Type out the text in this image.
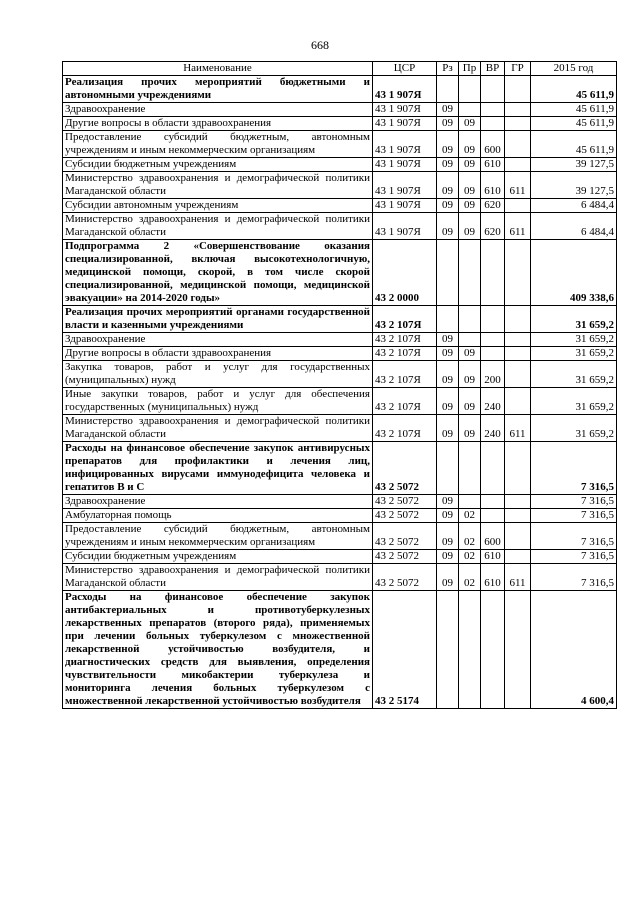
668
Наименование	ЦСР	Рз	Пр	ВР	ГР	2015 год
Реализация прочих мероприятий бюджетными и автономными учреждениями	43 1 907Я					45 611,9
Здравоохранение	43 1 907Я	09				45 611,9
Другие вопросы в области здравоохранения	43 1 907Я	09	09			45 611,9
Предоставление субсидий бюджетным, автономным учреждениям и иным некоммерческим организациям	43 1 907Я	09	09	600		45 611,9
Субсидии бюджетным учреждениям	43 1 907Я	09	09	610		39 127,5
Министерство здравоохранения и демографической политики Магаданской области	43 1 907Я	09	09	610	611	39 127,5
Субсидии автономным учреждениям	43 1 907Я	09	09	620		6 484,4
Министерство здравоохранения и демографической политики Магаданской области	43 1 907Я	09	09	620	611	6 484,4
Подпрограмма 2 «Совершенствование оказания специализированной, включая высокотехнологичную, медицинской помощи, скорой, в том числе скорой специализированной, медицинской помощи, медицинской эвакуации» на 2014-2020 годы»	43 2 0000					409 338,6
Реализация прочих мероприятий органами государственной власти и казенными учреждениями	43 2 107Я					31 659,2
Здравоохранение	43 2 107Я	09				31 659,2
Другие вопросы в области здравоохранения	43 2 107Я	09	09			31 659,2
Закупка товаров, работ и услуг для государственных (муниципальных) нужд	43 2 107Я	09	09	200		31 659,2
Иные закупки товаров, работ и услуг для обеспечения государственных (муниципальных) нужд	43 2 107Я	09	09	240		31 659,2
Министерство здравоохранения и демографической политики Магаданской области	43 2 107Я	09	09	240	611	31 659,2
Расходы на финансовое обеспечение закупок антивирусных препаратов для профилактики и лечения лиц, инфицированных вирусами иммунодефицита человека и гепатитов В и С	43 2 5072					7 316,5
Здравоохранение	43 2 5072	09				7 316,5
Амбулаторная помощь	43 2 5072	09	02			7 316,5
Предоставление субсидий бюджетным, автономным учреждениям и иным некоммерческим организациям	43 2 5072	09	02	600		7 316,5
Субсидии бюджетным учреждениям	43 2 5072	09	02	610		7 316,5
Министерство здравоохранения и демографической политики Магаданской области	43 2 5072	09	02	610	611	7 316,5
Расходы на финансовое обеспечение закупок антибактериальных и противотуберкулезных лекарственных препаратов (второго ряда), применяемых при лечении больных туберкулезом с множественной лекарственной устойчивостью возбудителя, и диагностических средств для выявления, определения чувствительности микобактерии туберкулеза и мониторинга лечения больных туберкулезом с множественной лекарственной устойчивостью возбудителя	43 2 5174					4 600,4
